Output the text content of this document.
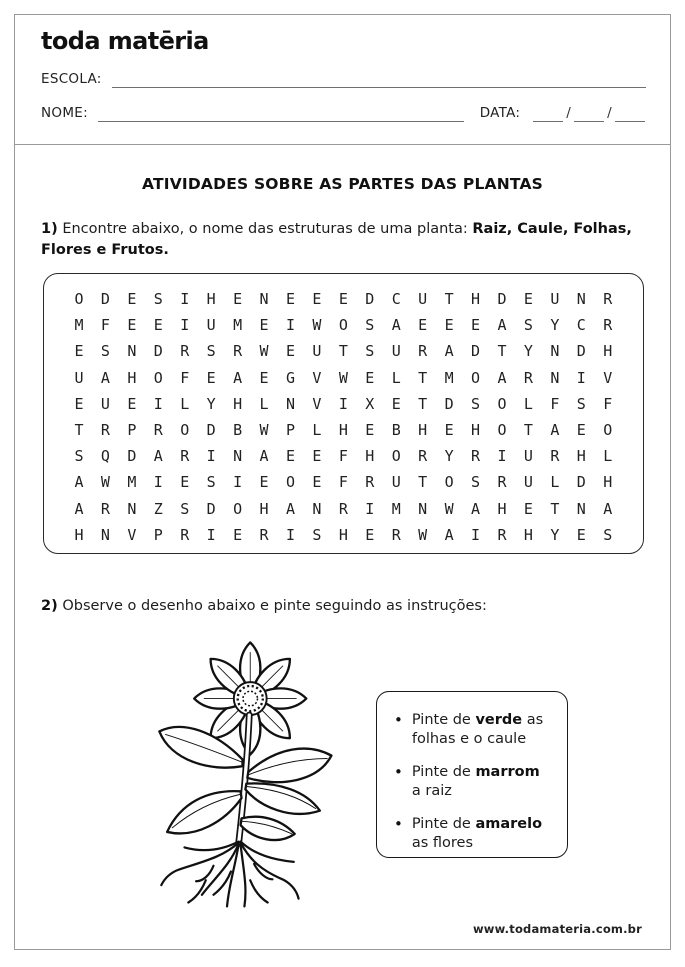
toda matēria
ESCOLA:
NOME:	DATA:	/	/
ATIVIDADES SOBRE AS PARTES DAS PLANTAS

1) Encontre abaixo, o nome das estruturas de uma planta: Raiz, Caule, Folhas, Flores e Frutos.

O D E S I H E N E E E D C U T H D E U N R
M F E E I U M E I W O S A E E E A S Y C R
E S N D R S R W E U T S U R A D T Y N D H
U A H O F E A E G V W E L T M O A R N I V
E U E I L Y H L N V I X E T D S O L F S F
T R P R O D B W P L H E B H E H O T A E O
S Q D A R I N A E E F H O R Y R I U R H L
A W M I E S I E O E F R U T O S R U L D H
A R N Z S D O H A N R I M N W A H E T N A
H N V P R I E R I S H E R W A I R H Y E S

2) Observe o desenho abaixo e pinte seguindo as instruções:

• Pinte de verde as folhas e o caule
• Pinte de marrom a raiz
• Pinte de amarelo as flores
www.todamateria.com.br
